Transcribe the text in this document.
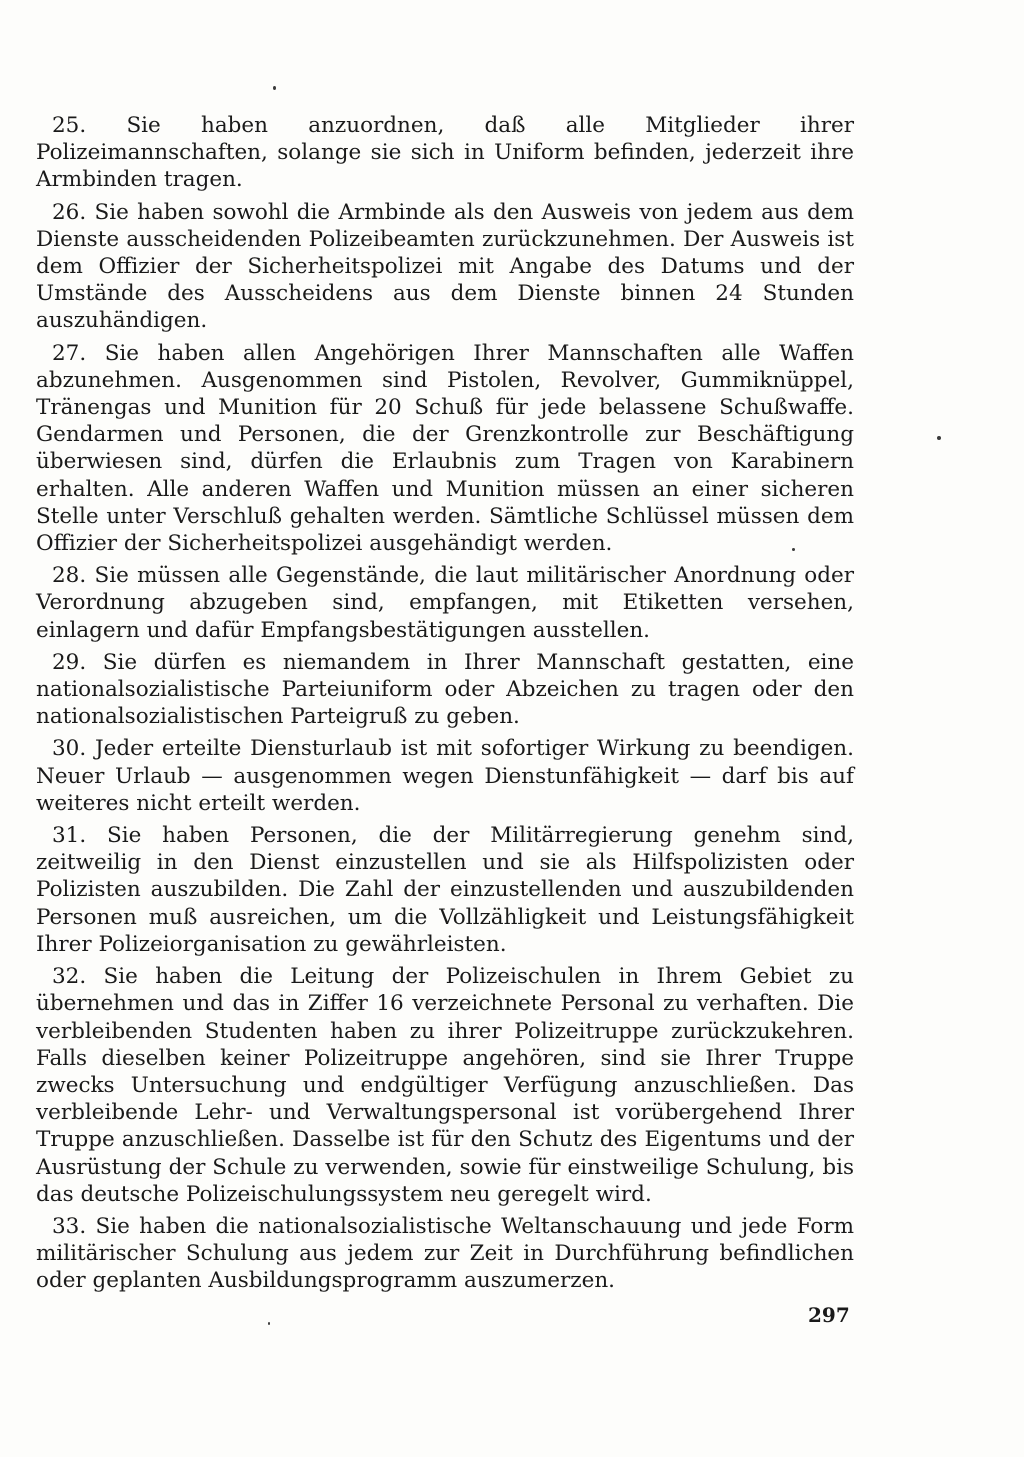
25. Sie haben anzuordnen, daß alle Mitglieder ihrer Polizeimannschaften, solange sie sich in Uniform befinden, jederzeit ihre Armbinden tragen.

26. Sie haben sowohl die Armbinde als den Ausweis von jedem aus dem Dienste ausscheidenden Polizeibeamten zurückzunehmen. Der Ausweis ist dem Offizier der Sicherheitspolizei mit Angabe des Datums und der Umstände des Ausscheidens aus dem Dienste binnen 24 Stunden auszuhändigen.

27. Sie haben allen Angehörigen Ihrer Mannschaften alle Waffen abzunehmen. Ausgenommen sind Pistolen, Revolver, Gummiknüppel, Tränengas und Munition für 20 Schuß für jede belassene Schußwaffe. Gendarmen und Personen, die der Grenzkontrolle zur Beschäftigung überwiesen sind, dürfen die Erlaubnis zum Tragen von Karabinern erhalten. Alle anderen Waffen und Munition müssen an einer sicheren Stelle unter Verschluß gehalten werden. Sämtliche Schlüssel müssen dem Offizier der Sicherheitspolizei ausgehändigt werden.

28. Sie müssen alle Gegenstände, die laut militärischer Anordnung oder Verordnung abzugeben sind, empfangen, mit Etiketten versehen, einlagern und dafür Empfangsbestätigungen ausstellen.

29. Sie dürfen es niemandem in Ihrer Mannschaft gestatten, eine nationalsozialistische Parteiuniform oder Abzeichen zu tragen oder den nationalsozialistischen Parteigruß zu geben.

30. Jeder erteilte Diensturlaub ist mit sofortiger Wirkung zu beendigen. Neuer Urlaub — ausgenommen wegen Dienstunfähigkeit — darf bis auf weiteres nicht erteilt werden.

31. Sie haben Personen, die der Militärregierung genehm sind, zeitweilig in den Dienst einzustellen und sie als Hilfspolizisten oder Polizisten auszubilden. Die Zahl der einzustellenden und auszubildenden Personen muß ausreichen, um die Vollzähligkeit und Leistungsfähigkeit Ihrer Polizeiorganisation zu gewährleisten.

32. Sie haben die Leitung der Polizeischulen in Ihrem Gebiet zu übernehmen und das in Ziffer 16 verzeichnete Personal zu verhaften. Die verbleibenden Studenten haben zu ihrer Polizeitruppe zurückzukehren. Falls dieselben keiner Polizeitruppe angehören, sind sie Ihrer Truppe zwecks Untersuchung und endgültiger Verfügung anzuschließen. Das verbleibende Lehr- und Verwaltungspersonal ist vorübergehend Ihrer Truppe anzuschließen. Dasselbe ist für den Schutz des Eigentums und der Ausrüstung der Schule zu verwenden, sowie für einstweilige Schulung, bis das deutsche Polizeischulungssystem neu geregelt wird.

33. Sie haben die nationalsozialistische Weltanschauung und jede Form militärischer Schulung aus jedem zur Zeit in Durchführung befindlichen oder geplanten Ausbildungsprogramm auszumerzen.

297
